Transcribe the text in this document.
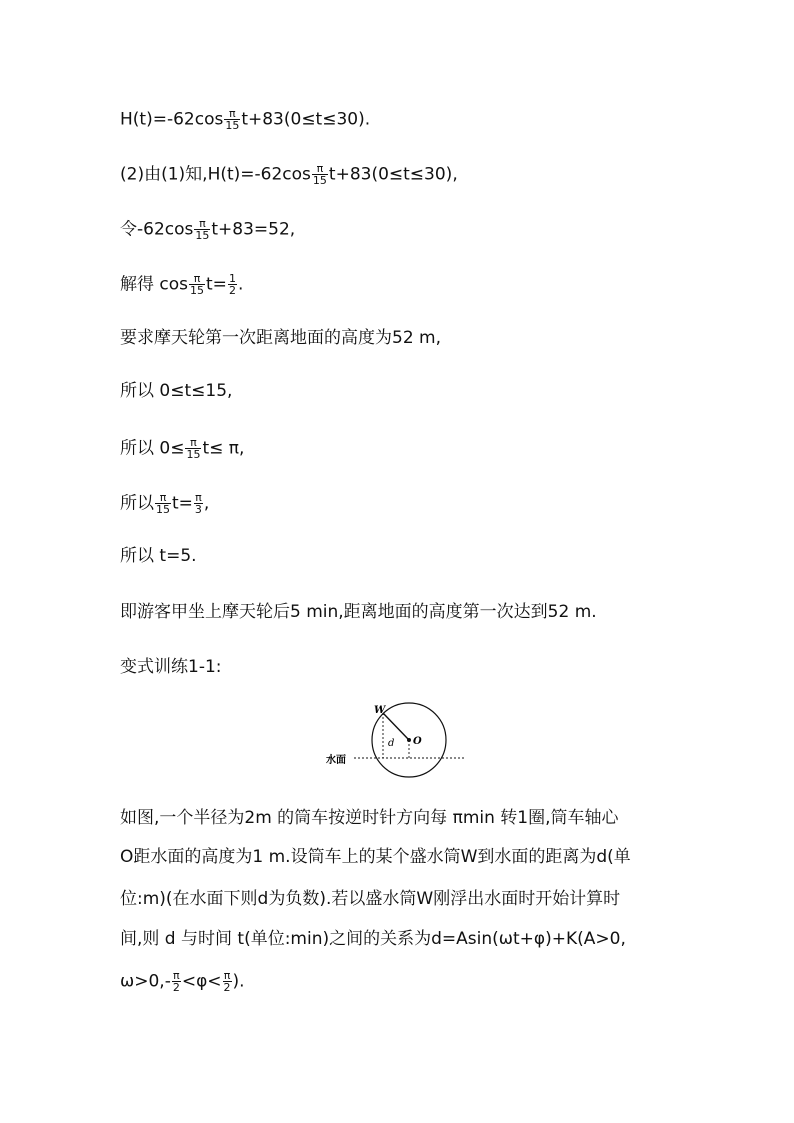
$H(t)=-62\cos \frac{\pi}{15} t+83(0\le t\le 30)$.
(2)由(1)知$,H(t)=-62\cos \frac{\pi}{15} t+83(0\le t\le 30)$,
令$-62\cos \frac{\pi}{15} t+83=52$,
解得 $\cos \frac{\pi}{15} t= \frac{1}{2}$ .
要求摩天轮第一次距离地面的高度为52 m,
所以 0≤t≤15,
所以 $0\le \frac{\pi}{15} t\le \pi$,
所以 $\frac{\pi}{15} t= \frac{\pi}{3}$ ,
所以 t=5.
即游客甲坐上摩天轮后5 min,距离地面的高度第一次达到52 m.
变式训练1-1:
W
d O
水面
如图,一个半径为2m 的筒车按逆时针方向每 πmin 转1圈,筒车轴心
O距水面的高度为1 m.设筒车上的某个盛水筒W到水面的距离为d(单
位:m)(在水面下则d为负数).若以盛水筒W刚浮出水面时开始计算时
间,则 d 与时间 t(单位:min)之间的关系为d=Asin(ωt+φ)+K(A>0,
$\omega>0,- \frac{\pi}{2} <\varphi< \frac{\pi}{2}$ ).
